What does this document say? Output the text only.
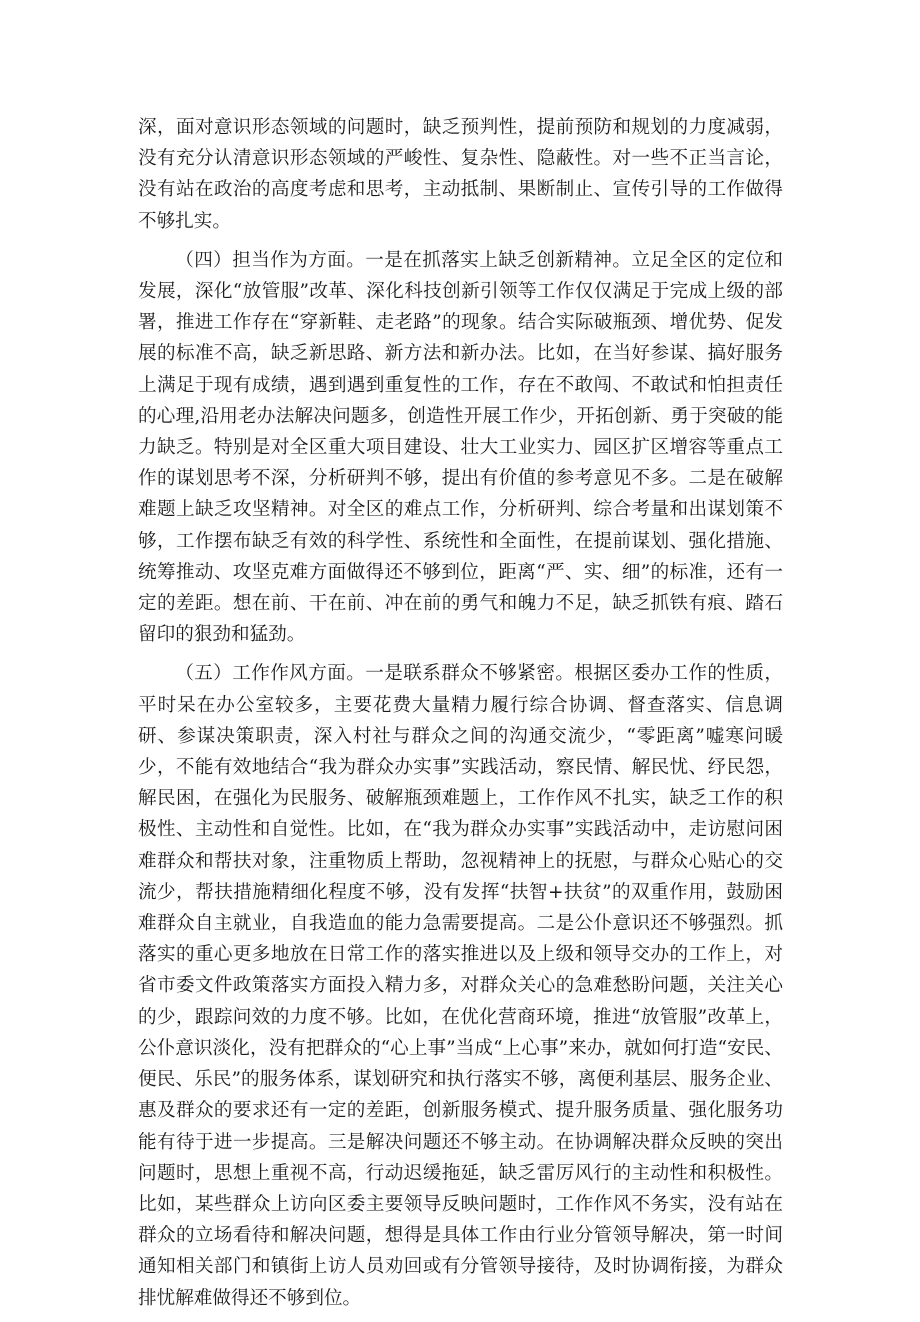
深，面对意识形态领域的问题时，缺乏预判性，提前预防和规划的力度减弱，没有充分认清意识形态领域的严峻性、复杂性、隐蔽性。对一些不正当言论，没有站在政治的高度考虑和思考，主动抵制、果断制止、宣传引导的工作做得不够扎实。

（四）担当作为方面。一是在抓落实上缺乏创新精神。立足全区的定位和发展，深化“放管服”改革、深化科技创新引领等工作仅仅满足于完成上级的部署，推进工作存在“穿新鞋、走老路”的现象。结合实际破瓶颈、增优势、促发展的标准不高，缺乏新思路、新方法和新办法。比如，在当好参谋、搞好服务上满足于现有成绩，遇到遇到重复性的工作，存在不敢闯、不敢试和怕担责任的心理,沿用老办法解决问题多，创造性开展工作少，开拓创新、勇于突破的能力缺乏。特别是对全区重大项目建设、壮大工业实力、园区扩区增容等重点工作的谋划思考不深，分析研判不够，提出有价值的参考意见不多。二是在破解难题上缺乏攻坚精神。对全区的难点工作，分析研判、综合考量和出谋划策不够，工作摆布缺乏有效的科学性、系统性和全面性，在提前谋划、强化措施、统筹推动、攻坚克难方面做得还不够到位，距离“严、实、细”的标准，还有一定的差距。想在前、干在前、冲在前的勇气和魄力不足，缺乏抓铁有痕、踏石留印的狠劲和猛劲。

（五）工作作风方面。一是联系群众不够紧密。根据区委办工作的性质，平时呆在办公室较多，主要花费大量精力履行综合协调、督查落实、信息调研、参谋决策职责，深入村社与群众之间的沟通交流少，“零距离”嘘寒问暖少，不能有效地结合“我为群众办实事”实践活动，察民情、解民忧、纾民怨，解民困，在强化为民服务、破解瓶颈难题上，工作作风不扎实，缺乏工作的积极性、主动性和自觉性。比如，在“我为群众办实事”实践活动中，走访慰问困难群众和帮扶对象，注重物质上帮助，忽视精神上的抚慰，与群众心贴心的交流少，帮扶措施精细化程度不够，没有发挥“扶智+扶贫”的双重作用，鼓励困难群众自主就业，自我造血的能力急需要提高。二是公仆意识还不够强烈。抓落实的重心更多地放在日常工作的落实推进以及上级和领导交办的工作上，对省市委文件政策落实方面投入精力多，对群众关心的急难愁盼问题，关注关心的少，跟踪问效的力度不够。比如，在优化营商环境，推进“放管服”改革上，公仆意识淡化，没有把群众的“心上事”当成“上心事”来办，就如何打造“安民、便民、乐民”的服务体系，谋划研究和执行落实不够，离便利基层、服务企业、惠及群众的要求还有一定的差距，创新服务模式、提升服务质量、强化服务功能有待于进一步提高。三是解决问题还不够主动。在协调解决群众反映的突出问题时，思想上重视不高，行动迟缓拖延，缺乏雷厉风行的主动性和积极性。比如，某些群众上访向区委主要领导反映问题时，工作作风不务实，没有站在群众的立场看待和解决问题，想得是具体工作由行业分管领导解决，第一时间通知相关部门和镇街上访人员劝回或有分管领导接待，及时协调衔接，为群众排忧解难做得还不够到位。
